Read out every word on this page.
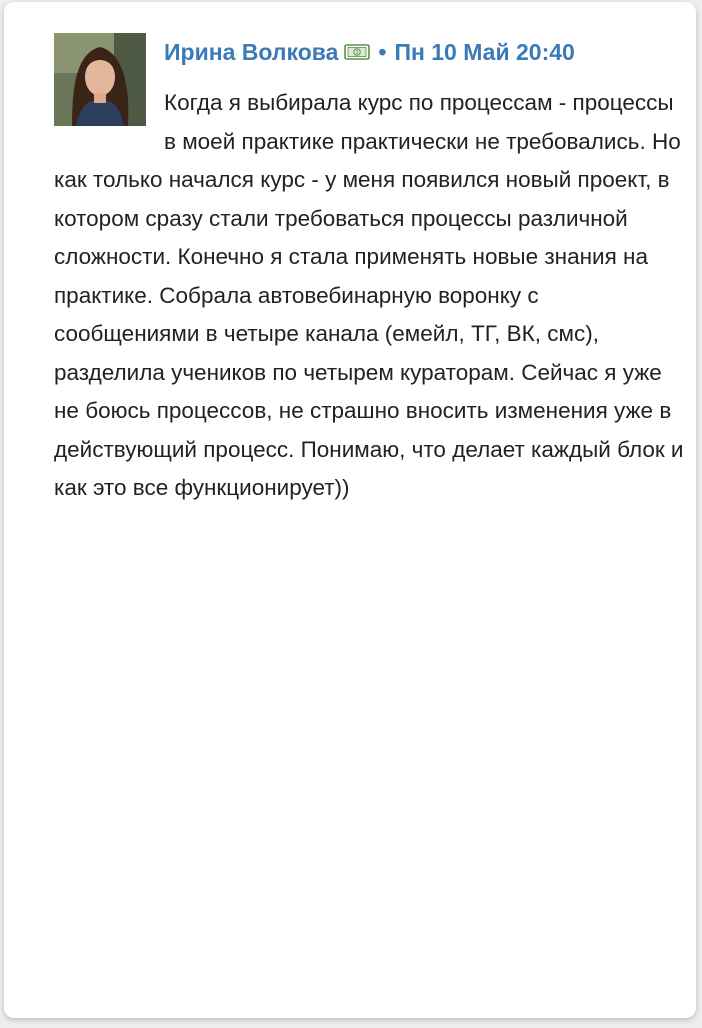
Ирина Волкова	0 • Пн 10 Май 20:40

Когда я выбирала курс по процессам - процессы в моей практике практически не требовались. Но как только начался курс - у меня появился новый проект, в котором сразу стали требоваться процессы различной сложности. Конечно я стала применять новые знания на практике. Собрала автовебинарную воронку с сообщениями в четыре канала (емейл, ТГ, ВК, смс), разделила учеников по четырем кураторам. Сейчас я уже не боюсь процессов, не страшно вносить изменения уже в действующий процесс. Понимаю, что делает каждый блок и как это все функционирует))
